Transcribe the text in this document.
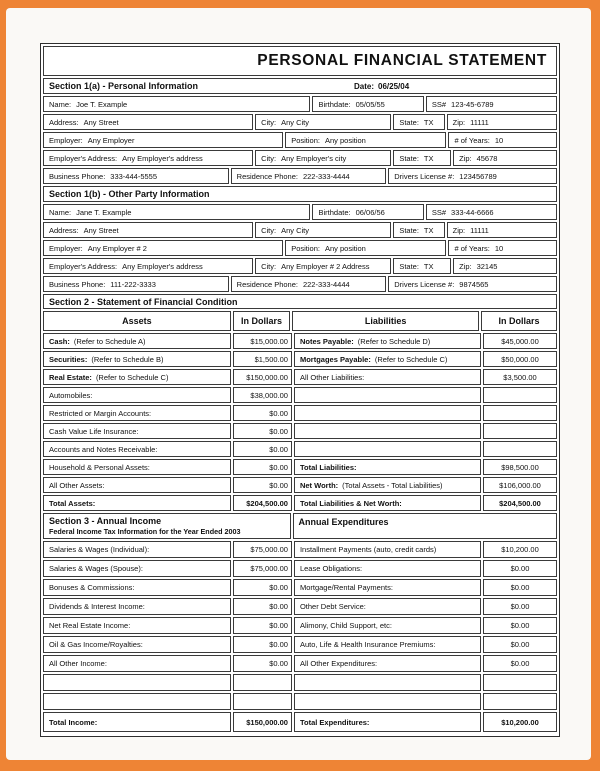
PERSONAL FINANCIAL STATEMENT
Section 1(a) - Personal Information	Date: 06/25/04
Name: Joe T. Example	Birthdate: 05/05/55	SS# 123-45-6789
Address: Any Street	City: Any City	State: TX	Zip: 11111
Employer: Any Employer	Position: Any position	# of Years: 10
Employer's Address: Any Employer's address	City: Any Employer's city	State: TX	Zip: 45678
Business Phone: 333-444-5555	Residence Phone: 222-333-4444	Drivers License #: 123456789
Section 1(b) - Other Party Information
Name: Jane T. Example	Birthdate: 06/06/56	SS# 333-44-6666
Address: Any Street	City: Any City	State: TX	Zip: 11111
Employer: Any Employer # 2	Position: Any position	# of Years: 10
Employer's Address: Any Employer's address	City: Any Employer # 2 Address	State: TX	Zip: 32145
Business Phone: 111-222-3333	Residence Phone: 222-333-4444	Drivers License #: 9874565
Section 2 - Statement of Financial Condition
Assets	In Dollars	Liabilities	In Dollars
Cash: (Refer to Schedule A)	$15,000.00	Notes Payable: (Refer to Schedule D)	$45,000.00
Securities: (Refer to Schedule B)	$1,500.00	Mortgages Payable: (Refer to Schedule C)	$50,000.00
Real Estate: (Refer to Schedule C)	$150,000.00	All Other Liabilities:	$3,500.00
Automobiles:	$38,000.00
Restricted or Margin Accounts:	$0.00
Cash Value Life Insurance:	$0.00
Accounts and Notes Receivable:	$0.00
Household & Personal Assets:	$0.00	Total Liabilities:	$98,500.00
All Other Assets:	$0.00	Net Worth: (Total Assets - Total Liabilities)	$106,000.00
Total Assets:	$204,500.00	Total Liabilities & Net Worth:	$204,500.00
Section 3 - Annual Income
Federal Income Tax Information for the Year Ended 2003
Annual Expenditures
Salaries & Wages (Individual):	$75,000.00	Installment Payments (auto, credit cards)	$10,200.00
Salaries & Wages (Spouse):	$75,000.00	Lease Obligations:	$0.00
Bonuses & Commissions:	$0.00	Mortgage/Rental Payments:	$0.00
Dividends & Interest Income:	$0.00	Other Debt Service:	$0.00
Net Real Estate Income:	$0.00	Alimony, Child Support, etc:	$0.00
Oil & Gas Income/Royalties:	$0.00	Auto, Life & Health Insurance Premiums:	$0.00
All Other Income:	$0.00	All Other Expenditures:	$0.00
Total Income:	$150,000.00	Total Expenditures:	$10,200.00
